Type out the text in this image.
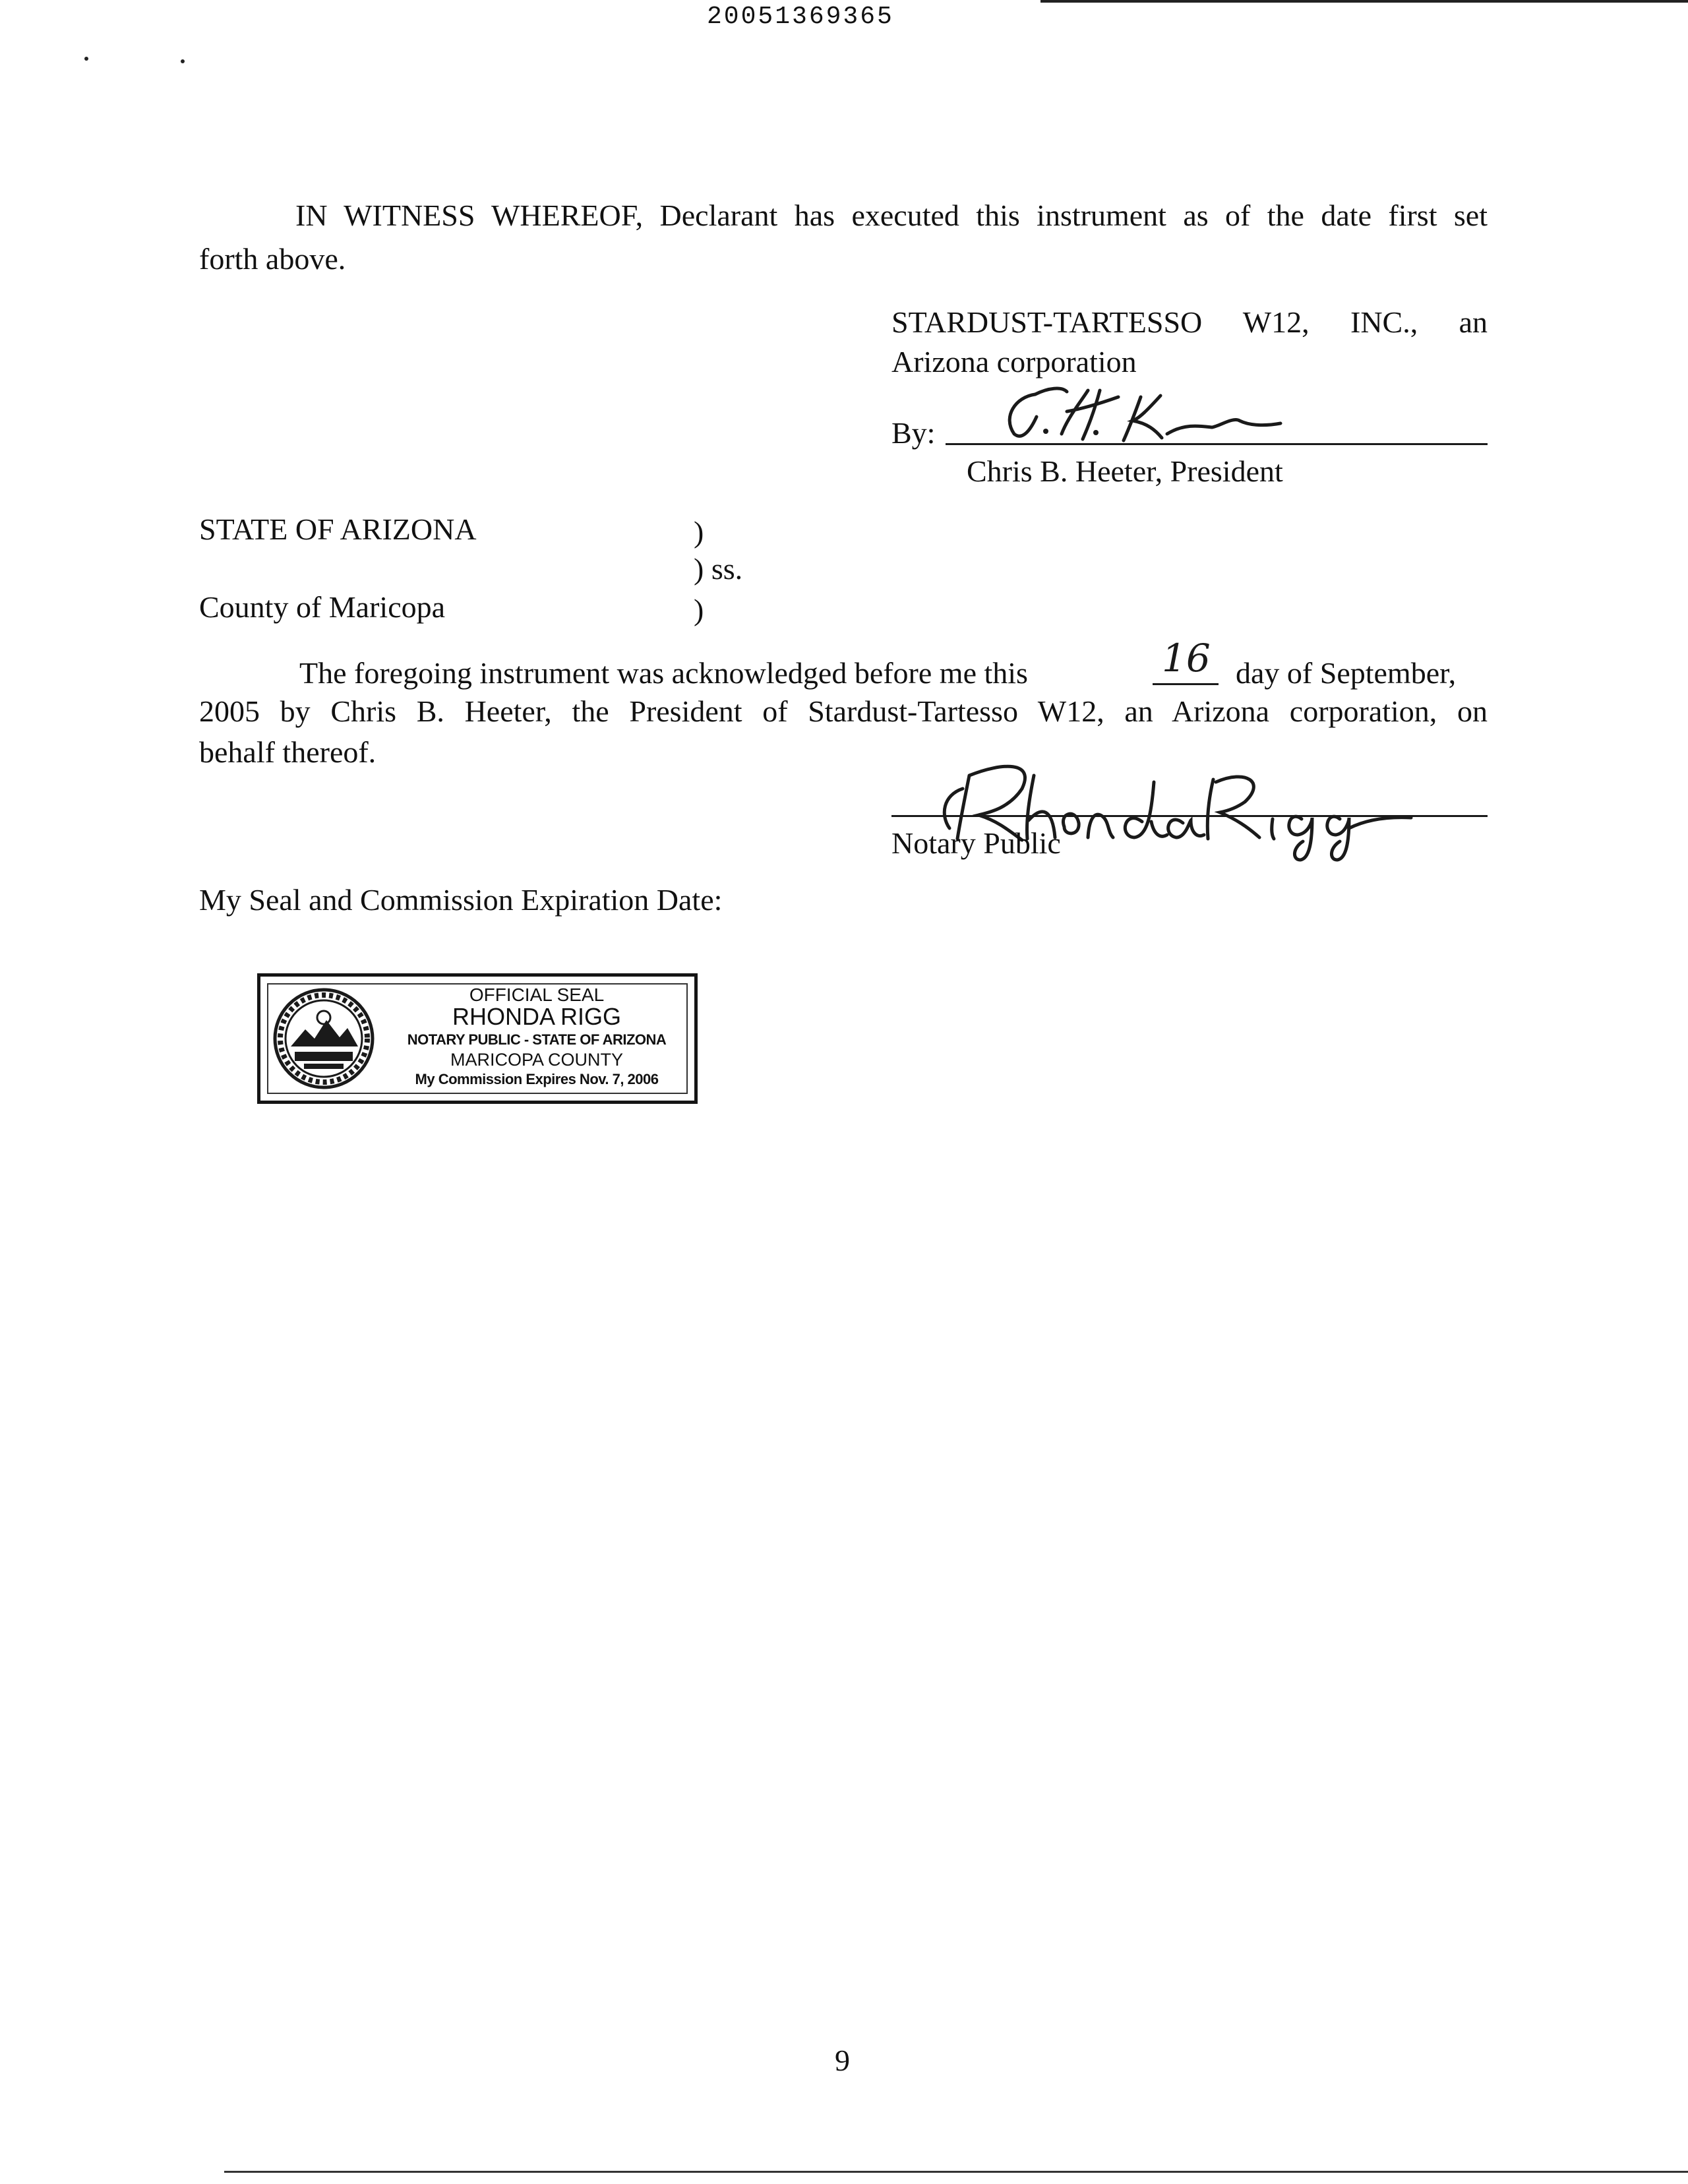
20051369365
IN WITNESS WHEREOF, Declarant has executed this instrument as of the date first set
forth above.
STARDUST-TARTESSO W12, INC., an
Arizona corporation
By:
Chris B. Heeter, President
STATE OF ARIZONA	)
) ss.
County of Maricopa	)
The foregoing instrument was acknowledged before me this	16 day of September,
2005 by Chris B. Heeter, the President of Stardust-Tartesso W12, an Arizona corporation, on
behalf thereof.
Notary Public
My Seal and Commission Expiration Date:
OFFICIAL SEAL
RHONDA RIGG
NOTARY PUBLIC - STATE OF ARIZONA
MARICOPA COUNTY
My Commission Expires Nov. 7, 2006
9
